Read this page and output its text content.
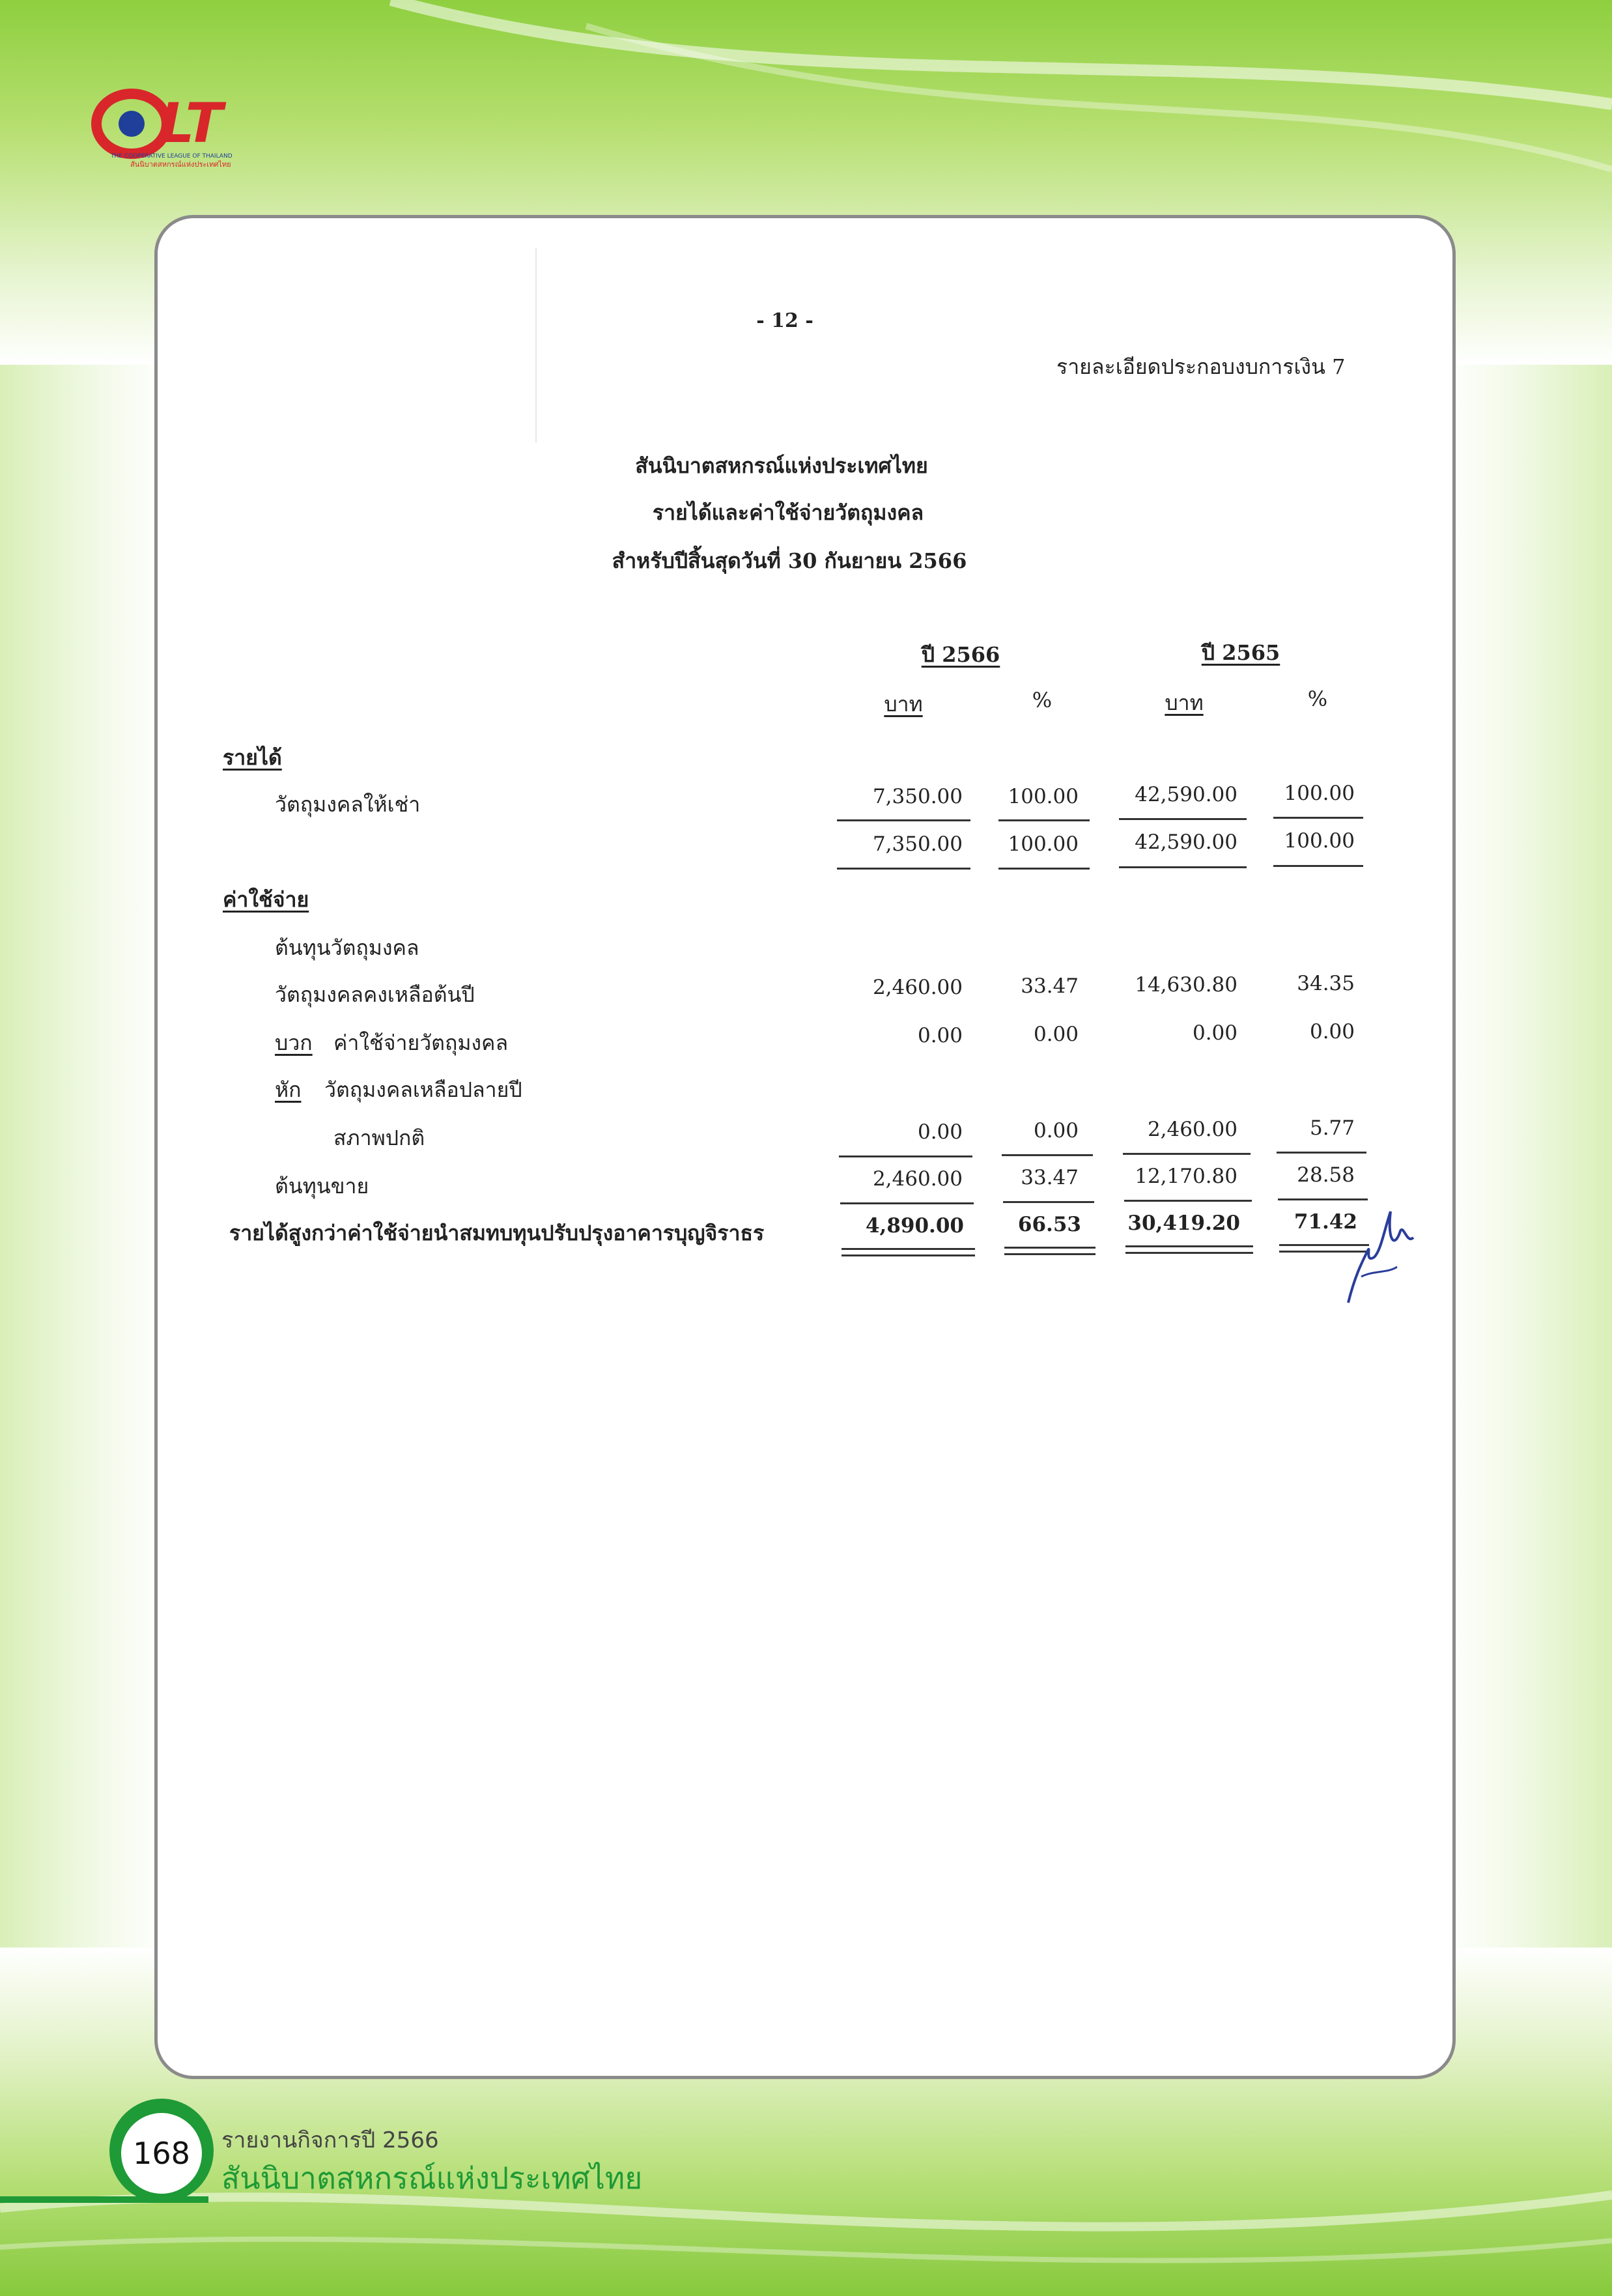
LT
THE COOPERATIVE LEAGUE OF THAILAND
สันนิบาตสหกรณ์แห่งประเทศไทย
- 12 -
รายละเอียดประกอบงบการเงิน 7
สันนิบาตสหกรณ์แห่งประเทศไทย
รายได้และค่าใช้จ่ายวัตถุมงคล
สำหรับปีสิ้นสุดวันที่ 30 กันยายน 2566
ปี 2566	ปี 2565
บาท	%	บาท	%
รายได้
วัตถุมงคลให้เช่า	7,350.00	100.00	42,590.00	100.00
7,350.00	100.00	42,590.00	100.00
ค่าใช้จ่าย
ต้นทุนวัตถุมงคล
วัตถุมงคลคงเหลือต้นปี	2,460.00	33.47	14,630.80	34.35
บวก ค่าใช้จ่ายวัตถุมงคล	0.00	0.00	0.00	0.00
หัก วัตถุมงคลเหลือปลายปี
สภาพปกติ	0.00	0.00	2,460.00	5.77
ต้นทุนขาย	2,460.00	33.47	12,170.80	28.58
รายได้สูงกว่าค่าใช้จ่ายนำสมทบทุนปรับปรุงอาคารบุญจิราธร	4,890.00	66.53 30,419.20	71.42
168	รายงานกิจการปี 2566
สันนิบาตสหกรณ์แห่งประเทศไทย
